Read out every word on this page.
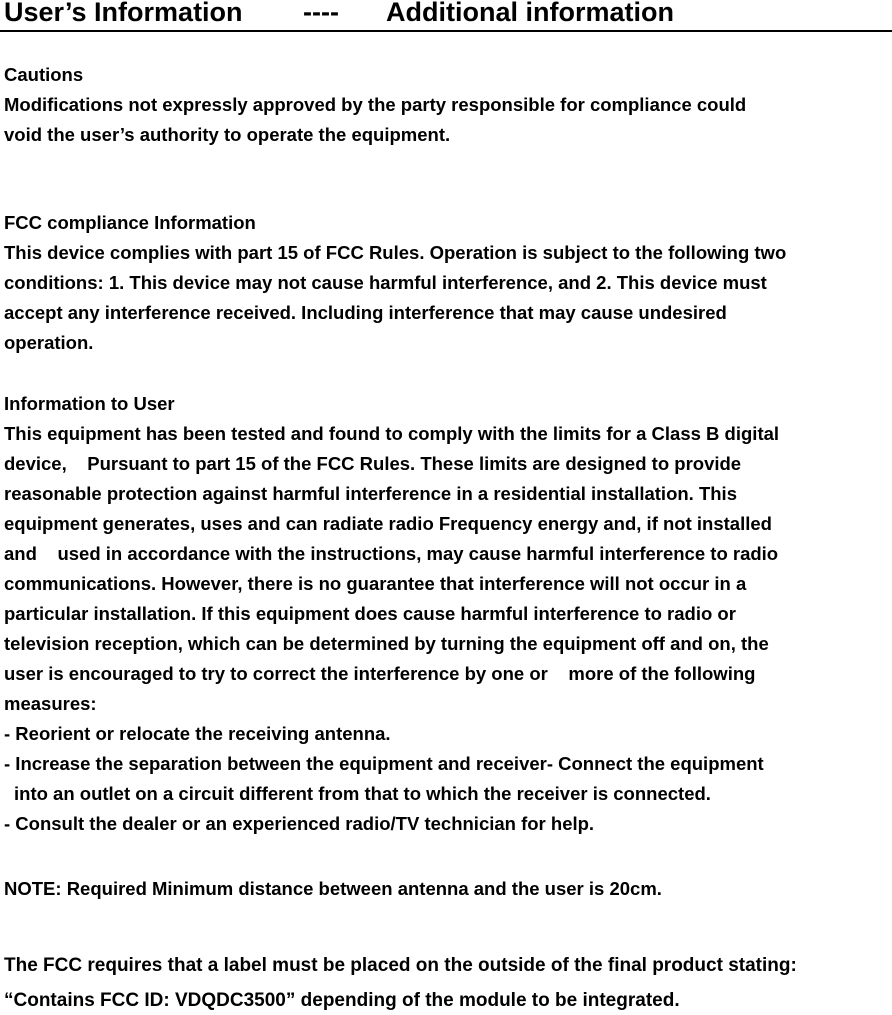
User’s Information ---- Additional information
Cautions
Modifications not expressly approved by the party responsible for compliance could
void the user’s authority to operate the equipment.
FCC compliance Information
This device complies with part 15 of FCC Rules. Operation is subject to the following two
conditions: 1. This device may not cause harmful interference, and 2. This device must
accept any interference received. Including interference that may cause undesired
operation.
Information to User
This equipment has been tested and found to comply with the limits for a Class B digital
device,    Pursuant to part 15 of the FCC Rules. These limits are designed to provide
reasonable protection against harmful interference in a residential installation. This
equipment generates, uses and can radiate radio Frequency energy and, if not installed
and    used in accordance with the instructions, may cause harmful interference to radio
communications. However, there is no guarantee that interference will not occur in a
particular installation. If this equipment does cause harmful interference to radio or
television reception, which can be determined by turning the equipment off and on, the
user is encouraged to try to correct the interference by one or    more of the following
measures:
- Reorient or relocate the receiving antenna.
- Increase the separation between the equipment and receiver- Connect the equipment
into an outlet on a circuit different from that to which the receiver is connected.
- Consult the dealer or an experienced radio/TV technician for help.
NOTE: Required Minimum distance between antenna and the user is 20cm.
The FCC requires that a label must be placed on the outside of the final product stating:
“Contains FCC ID: VDQDC3500” depending of the module to be integrated.
